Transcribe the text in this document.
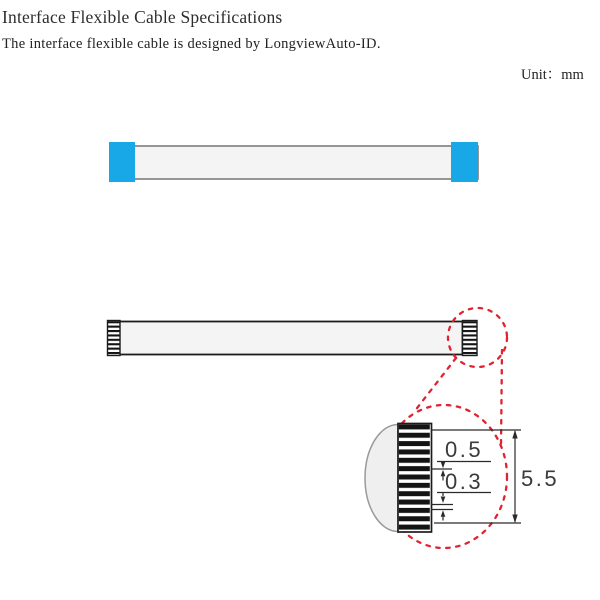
Interface Flexible Cable Specifications

The interface flexible cable is designed by LongviewAuto-ID.

Unit：mm
5.5
0.5
0.3
